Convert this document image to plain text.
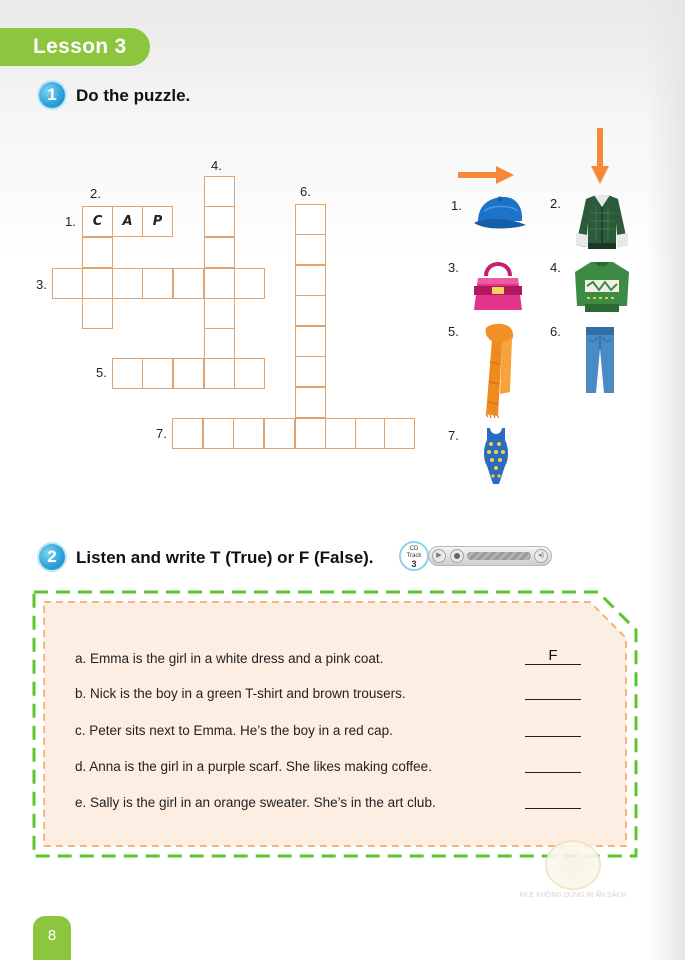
Lesson 3
1	Do the puzzle.
1.
2.
3.
4.
5.
6.
7.
C	A	P
1.	2.
3.	4.
5.	6.
7.
2	Listen and write T (True) or F (False).	CD
Track
3
▶	◂)
a. Emma is the girl in a white dress and a pink coat.	F
b. Nick is the boy in a green T-shirt and brown trousers.
c. Peter sits next to Emma. He’s the boy in a red cap.
d. Anna is the girl in a purple scarf. She likes making coffee.
e. Sally is the girl in an orange sweater. She’s in the art club.
FILE KHÔNG DÙNG IN ẤN SÁCH
8
